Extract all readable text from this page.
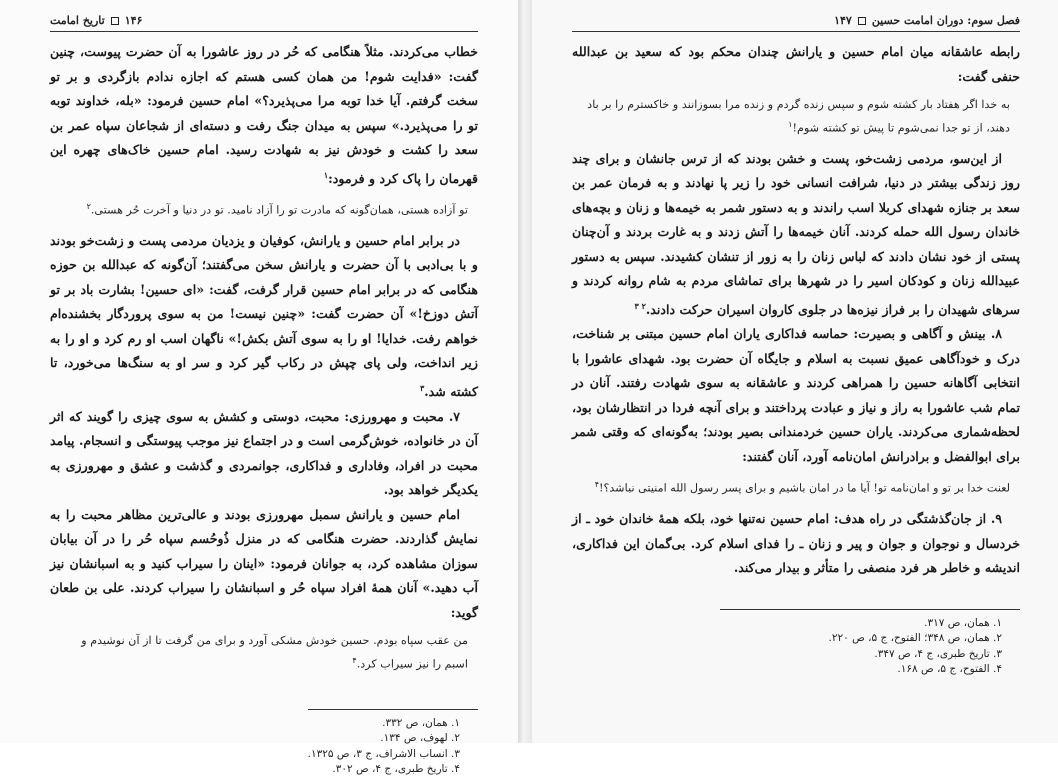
۱۴۶
تاریخ امامت

خطاب می‌کردند. مثلاً هنگامی که حُر در روز عاشورا به آن حضرت پیوست، چنین گفت: «فدایت شوم! من همان کسی هستم که اجازه ندادم بازگردی و بر تو سخت گرفتم. آیا خدا توبه مرا می‌پذیرد؟» امام حسین فرمود: «بله، خداوند توبه تو را می‌پذیرد.» سپس به میدان جنگ رفت و دسته‌ای از شجاعان سپاه عمر بن سعد را کشت و خودش نیز به شهادت رسید. امام حسین خاک‌های چهره این قهرمان را پاک کرد و فرمود:$^۱$

تو آزاده هستی، همان‌گونه که مادرت تو را آزاد نامید. تو در دنیا و آخرت حُر هستی.$^۲$

در برابر امام حسین و یارانش، کوفیان و یزدیان مردمی پست و زشت‌خو بودند و با بی‌ادبی با آن حضرت و یارانش سخن می‌گفتند؛ آن‌گونه که عبدالله بن حوزه هنگامی که در برابر امام حسین قرار گرفت، گفت: «ای حسین! بشارت باد بر تو آتش دوزخ!» آن حضرت گفت: «چنین نیست! من به سوی پروردگار بخشنده‌ام خواهم رفت. خدایا! او را به سوی آتش بکش!» ناگهان اسب او رم کرد و او را به زیر انداخت، ولی پای چپش در رکاب گیر کرد و سر او به سنگ‌ها می‌خورد، تا کشته شد.$^۳$

۷. محبت و مهرورزی: محبت، دوستی و کشش به سوی چیزی را گویند که اثر آن در خانواده، خوش‌گرمی است و در اجتماع نیز موجب پیوستگی و انسجام. پیامد محبت در افراد، وفاداری و فداکاری، جوانمردی و گذشت و عشق و مهرورزی به یکدیگر خواهد بود.

امام حسین و یارانش سمبل مهرورزی بودند و عالی‌ترین مظاهر محبت را به نمایش گذاردند. حضرت هنگامی که در منزل ذُوحُسم سپاه حُر را در آن بیابان سوزان مشاهده کرد، به جوانان فرمود: «اینان را سیراب کنید و به اسبانشان نیز آب دهید.» آنان همهٔ افراد سپاه حُر و اسبانشان را سیراب کردند. علی بن طعان گوید:

من عقب سپاه بودم. حسین خودش مشکی آورد و برای من گرفت تا از آن نوشیدم و اسبم را نیز سیراب کرد.$^۴$

۱. همان، ص ۳۳۲.

۲. لهوف، ص ۱۳۴.

۳. انساب الاشراف، ج ۳، ص ۱۳۲۵.

۴. تاریخ طبری، ج ۴، ص ۳۰۲.

فصل سوم: دوران امامت حسین
۱۴۷

رابطه عاشقانه میان امام حسین و یارانش چندان محکم بود که سعید بن عبدالله حنفی گفت:

به خدا اگر هفتاد بار کشته شوم و سپس زنده گردم و زنده مرا بسوزانند و خاکسترم را بر باد دهند، از تو جدا نمی‌شوم تا پیش تو کشته شوم!$^۱$

از این‌سو، مردمی زشت‌خو، پست و خشن بودند که از ترس جانشان و برای چند روز زندگی بیشتر در دنیا، شرافت انسانی خود را زیر پا نهادند و به فرمان عمر بن سعد بر جنازه شهدای کربلا اسب راندند و به دستور شمر به خیمه‌ها و زنان و بچه‌های خاندان رسول الله حمله کردند. آنان خیمه‌ها را آتش زدند و به غارت بردند و آن‌چنان پستی از خود نشان دادند که لباس زنان را به زور از تنشان کشیدند. سپس به دستور عبیدالله زنان و کودکان اسیر را در شهرها برای تماشای مردم به شام روانه کردند و سرهای شهیدان را بر فراز نیزه‌ها در جلوی کاروان اسیران حرکت دادند.$^{۲ ۳}$

۸. بینش و آگاهی و بصیرت: حماسه فداکاری یاران امام حسین مبتنی بر شناخت، درک و خودآگاهی عمیق نسبت به اسلام و جایگاه آن حضرت بود. شهدای عاشورا با انتخابی آگاهانه حسین را همراهی کردند و عاشقانه به سوی شهادت رفتند. آنان در تمام شب عاشورا به راز و نیاز و عبادت پرداختند و برای آنچه فردا در انتظارشان بود، لحظه‌شماری می‌کردند. یاران حسین خردمندانی بصیر بودند؛ به‌گونه‌ای که وقتی شمر برای ابوالفضل و برادرانش امان‌نامه آورد، آنان گفتند:

لعنت خدا بر تو و امان‌نامه تو! آیا ما در امان باشیم و برای پسر رسول الله امنیتی نباشد؟!$^۴$

۹. از جان‌گذشتگی در راه هدف: امام حسین نه‌تنها خود، بلکه همهٔ خاندان خود ـ از خردسال و نوجوان و جوان و پیر و زنان ـ را فدای اسلام کرد. بی‌گمان این فداکاری، اندیشه و خاطر هر فرد منصفی را متأثر و بیدار می‌کند.

۱. همان، ص ۳۱۷.

۲. همان، ص ۳۴۸؛ الفتوح، ج ۵، ص ۲۲۰.

۳. تاریخ طبری، ج ۴، ص ۳۴۷.

۴. الفتوح، ج ۵، ص ۱۶۸.
